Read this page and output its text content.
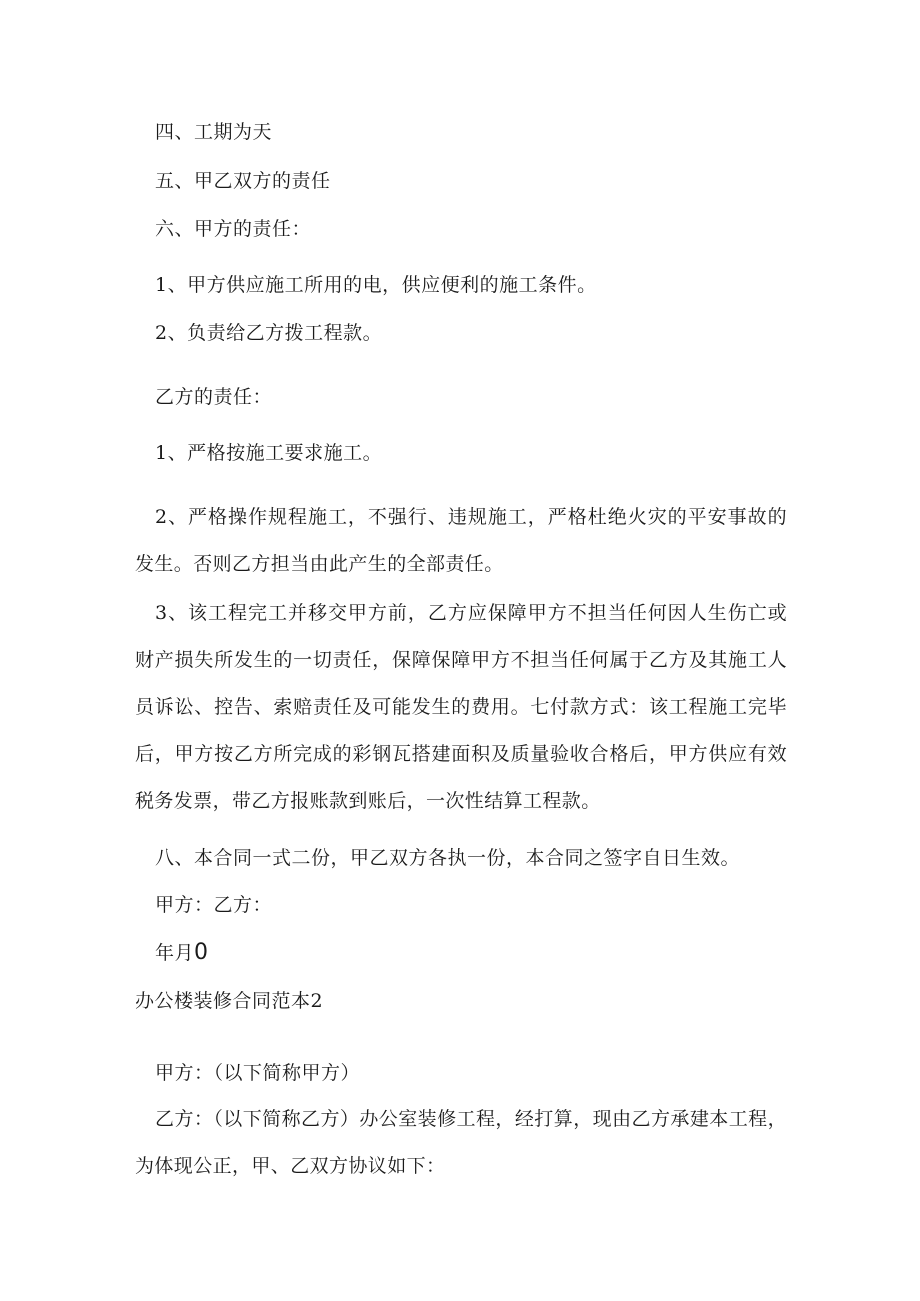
四、工期为天

五、甲乙双方的责任

六、甲方的责任：

1、甲方供应施工所用的电，供应便利的施工条件。

2、负责给乙方拨工程款。

乙方的责任：

1、严格按施工要求施工。

2、严格操作规程施工，不强行、违规施工，严格杜绝火灾的平安事故的发生。否则乙方担当由此产生的全部责任。

3、该工程完工并移交甲方前，乙方应保障甲方不担当任何因人生伤亡或财产损失所发生的一切责任，保障保障甲方不担当任何属于乙方及其施工人员诉讼、控告、索赔责任及可能发生的费用。七付款方式：该工程施工完毕后，甲方按乙方所完成的彩钢瓦搭建面积及质量验收合格后，甲方供应有效税务发票，带乙方报账款到账后，一次性结算工程款。

八、本合同一式二份，甲乙双方各执一份，本合同之签字自日生效。

甲方：乙方：

年月0

办公楼装修合同范本2

甲方：（以下简称甲方）

乙方：（以下简称乙方）办公室装修工程，经打算，现由乙方承建本工程，为体现公正，甲、乙双方协议如下：
